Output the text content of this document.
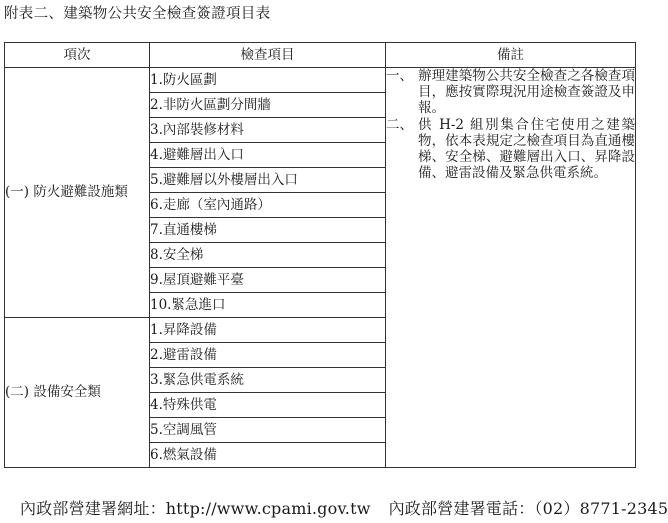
附表二、建築物公共安全檢查簽證項目表
項次	檢查項目	備註
(一) 防火避難設施類	1.防火區劃	一、 辦理建築物公共安全檢查之各檢查項目，應按實際現況用途檢查簽證及申報。
二、 供 H-2 組別集合住宅使用之建築物，依本表規定之檢查項目為直通樓梯、安全梯、避難層出入口、昇降設備、避雷設備及緊急供電系統。

	2.非防火區劃分間牆	
	3.內部裝修材料	
	4.避難層出入口	
	5.避難層以外樓層出入口	
	6.走廊（室內通路）	
	7.直通樓梯	
	8.安全梯	
	9.屋頂避難平臺	
	10.緊急進口	
(二) 設備安全類	1.昇降設備	
	2.避雷設備	
	3.緊急供電系統	
	4.特殊供電	
	5.空調風管	
	6.燃氣設備	
內政部營建署網址：http://www.cpami.gov.tw 內政部營建署電話：（02）8771-2345
